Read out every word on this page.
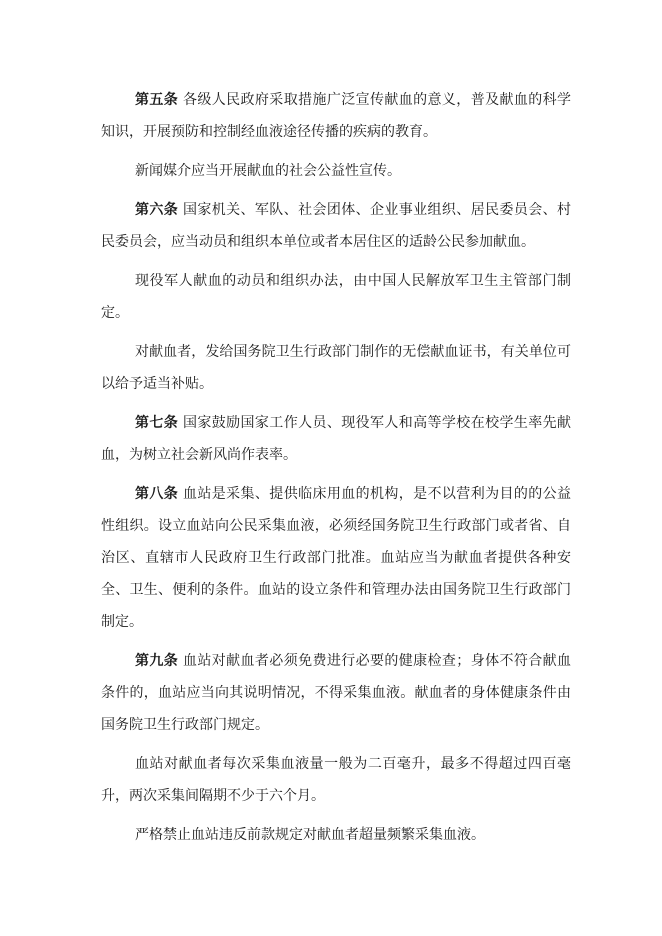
第五条 各级人民政府采取措施广泛宣传献血的意义，普及献血的科学知识，开展预防和控制经血液途径传播的疾病的教育。

新闻媒介应当开展献血的社会公益性宣传。

第六条 国家机关、军队、社会团体、企业事业组织、居民委员会、村民委员会，应当动员和组织本单位或者本居住区的适龄公民参加献血。

现役军人献血的动员和组织办法，由中国人民解放军卫生主管部门制定。

对献血者，发给国务院卫生行政部门制作的无偿献血证书，有关单位可以给予适当补贴。

第七条 国家鼓励国家工作人员、现役军人和高等学校在校学生率先献血，为树立社会新风尚作表率。

第八条 血站是采集、提供临床用血的机构，是不以营利为目的的公益性组织。设立血站向公民采集血液，必须经国务院卫生行政部门或者省、自治区、直辖市人民政府卫生行政部门批准。血站应当为献血者提供各种安全、卫生、便利的条件。血站的设立条件和管理办法由国务院卫生行政部门制定。

第九条 血站对献血者必须免费进行必要的健康检查；身体不符合献血条件的，血站应当向其说明情况，不得采集血液。献血者的身体健康条件由国务院卫生行政部门规定。

血站对献血者每次采集血液量一般为二百毫升，最多不得超过四百毫升，两次采集间隔期不少于六个月。

严格禁止血站违反前款规定对献血者超量频繁采集血液。
